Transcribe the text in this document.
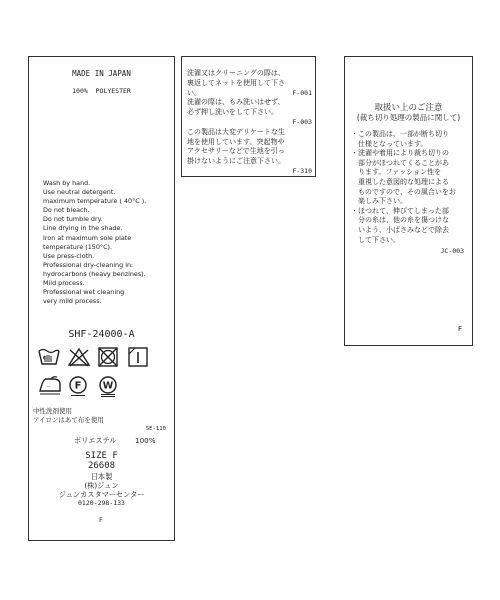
MADE IN JAPAN
100%  POLYESTER
Wash by hand.
Use neutral detergent.
maximum temperature ( 40°C ).
Do not bleach.
Do not tumble dry.
Line drying in the shade.
Iron at maximum sole plate
temperature (150°C).
Use press-cloth.
Professional dry-cleaning in:
hydrocarbons (heavy benzines).
Mild process.
Professional wet cleaning
very mild process.
SHF-24000-A
·· F W
中性洗剤使用
アイロンはあて布を使用
SE-110
ポリエステル	100%
SIZE F
26608
日本製
(株)ジュン
ジュンカスタマーセンター
0120-298-133
F
洗濯又はクリーニングの際は、
裏返してネットを使用して下さ
い。	F-001
洗濯の際は、もみ洗いはせず、
必ず押し洗いをして下さい。
F-003
この製品は大変デリケートな生
地を使用しています。突起物や
アクセサリーなどで生地を引っ
掛けないようにご注意下さい。
F-310
取扱い上のご注意
(裁ち切り処理の製品に関して)
・この製品は、一部が断ち切り
　仕様となっています。
・洗濯や着用により裁ち切りの
　部分がほつれてくることがあ
　ります。ファッション性を
　重視した意図的な処理による
　ものですので、その風合いをお
　楽しみ下さい。
・ほつれて、伸びてしまった部
　分の糸は、他の糸を傷つけな
　いよう、小ばさみなどで除去
　して下さい。
JC-003
F
